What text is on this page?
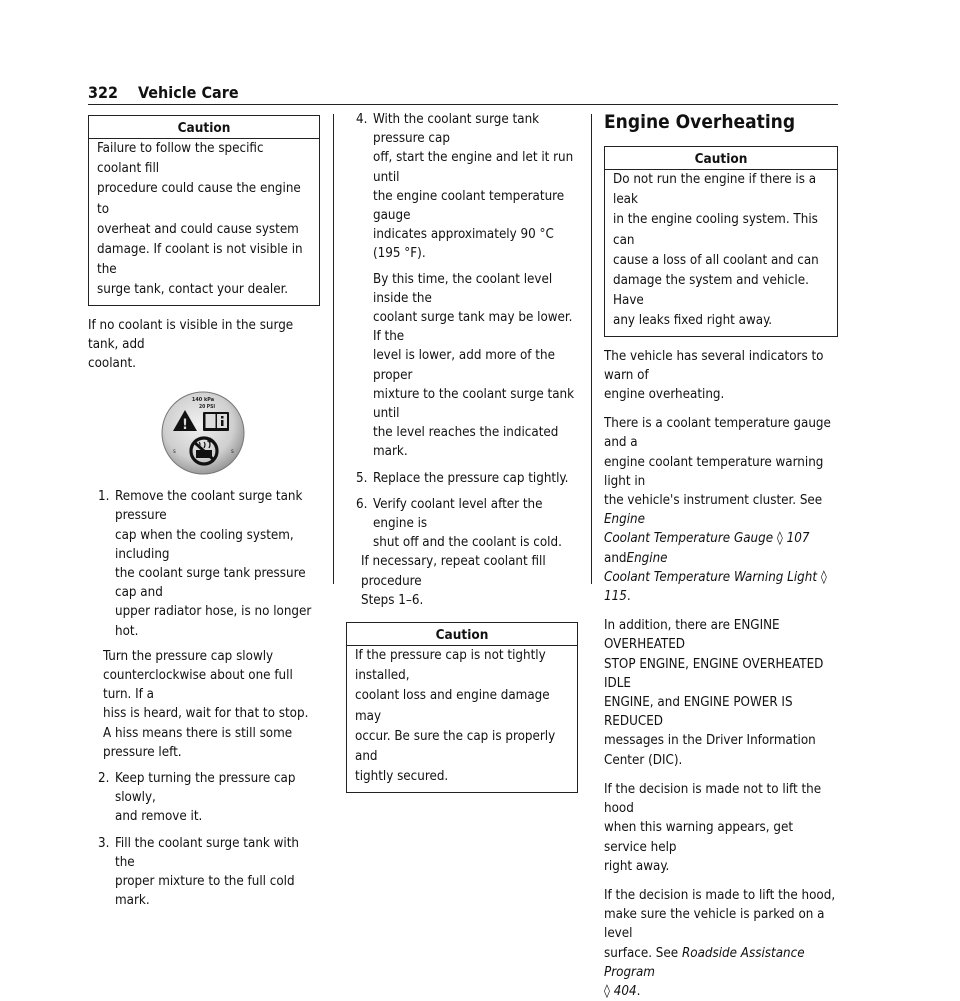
322 Vehicle Care
Caution

Failure to follow the specific coolant fill

procedure could cause the engine to

overheat and could cause system

damage. If coolant is not visible in the

surge tank, contact your dealer.

If no coolant is visible in the surge tank, add

coolant.

140 kPa
20 PSI
!
s	s
1. Remove the coolant surge tank pressure

cap when the cooling system, including

the coolant surge tank pressure cap and

upper radiator hose, is no longer hot.

Turn the pressure cap slowly

counterclockwise about one full turn. If a

hiss is heard, wait for that to stop.

A hiss means there is still some

pressure left.

2. Keep turning the pressure cap slowly,

and remove it.

3. Fill the coolant surge tank with the

proper mixture to the full cold mark.

4. With the coolant surge tank pressure cap

off, start the engine and let it run until

the engine coolant temperature gauge

indicates approximately 90 °C (195 °F).

By this time, the coolant level inside the

coolant surge tank may be lower. If the

level is lower, add more of the proper

mixture to the coolant surge tank until

the level reaches the indicated mark.

5. Replace the pressure cap tightly.

6. Verify coolant level after the engine is

shut off and the coolant is cold.

If necessary, repeat coolant fill procedure

Steps 1–6.

Caution

If the pressure cap is not tightly installed,

coolant loss and engine damage may

occur. Be sure the cap is properly and

tightly secured.

Engine Overheating
Caution

Do not run the engine if there is a leak

in the engine cooling system. This can

cause a loss of all coolant and can

damage the system and vehicle. Have

any leaks fixed right away.

The vehicle has several indicators to warn of

engine overheating.

There is a coolant temperature gauge and a

engine coolant temperature warning light in

the vehicle's instrument cluster. See Engine

Coolant Temperature Gauge ◊ 107 andEngine

Coolant Temperature Warning Light ◊ 115.

In addition, there are ENGINE OVERHEATED

STOP ENGINE, ENGINE OVERHEATED IDLE

ENGINE, and ENGINE POWER IS REDUCED

messages in the Driver Information

Center (DIC).

If the decision is made not to lift the hood

when this warning appears, get service help

right away.

If the decision is made to lift the hood,

make sure the vehicle is parked on a level

surface. See Roadside Assistance Program

◊ 404.
